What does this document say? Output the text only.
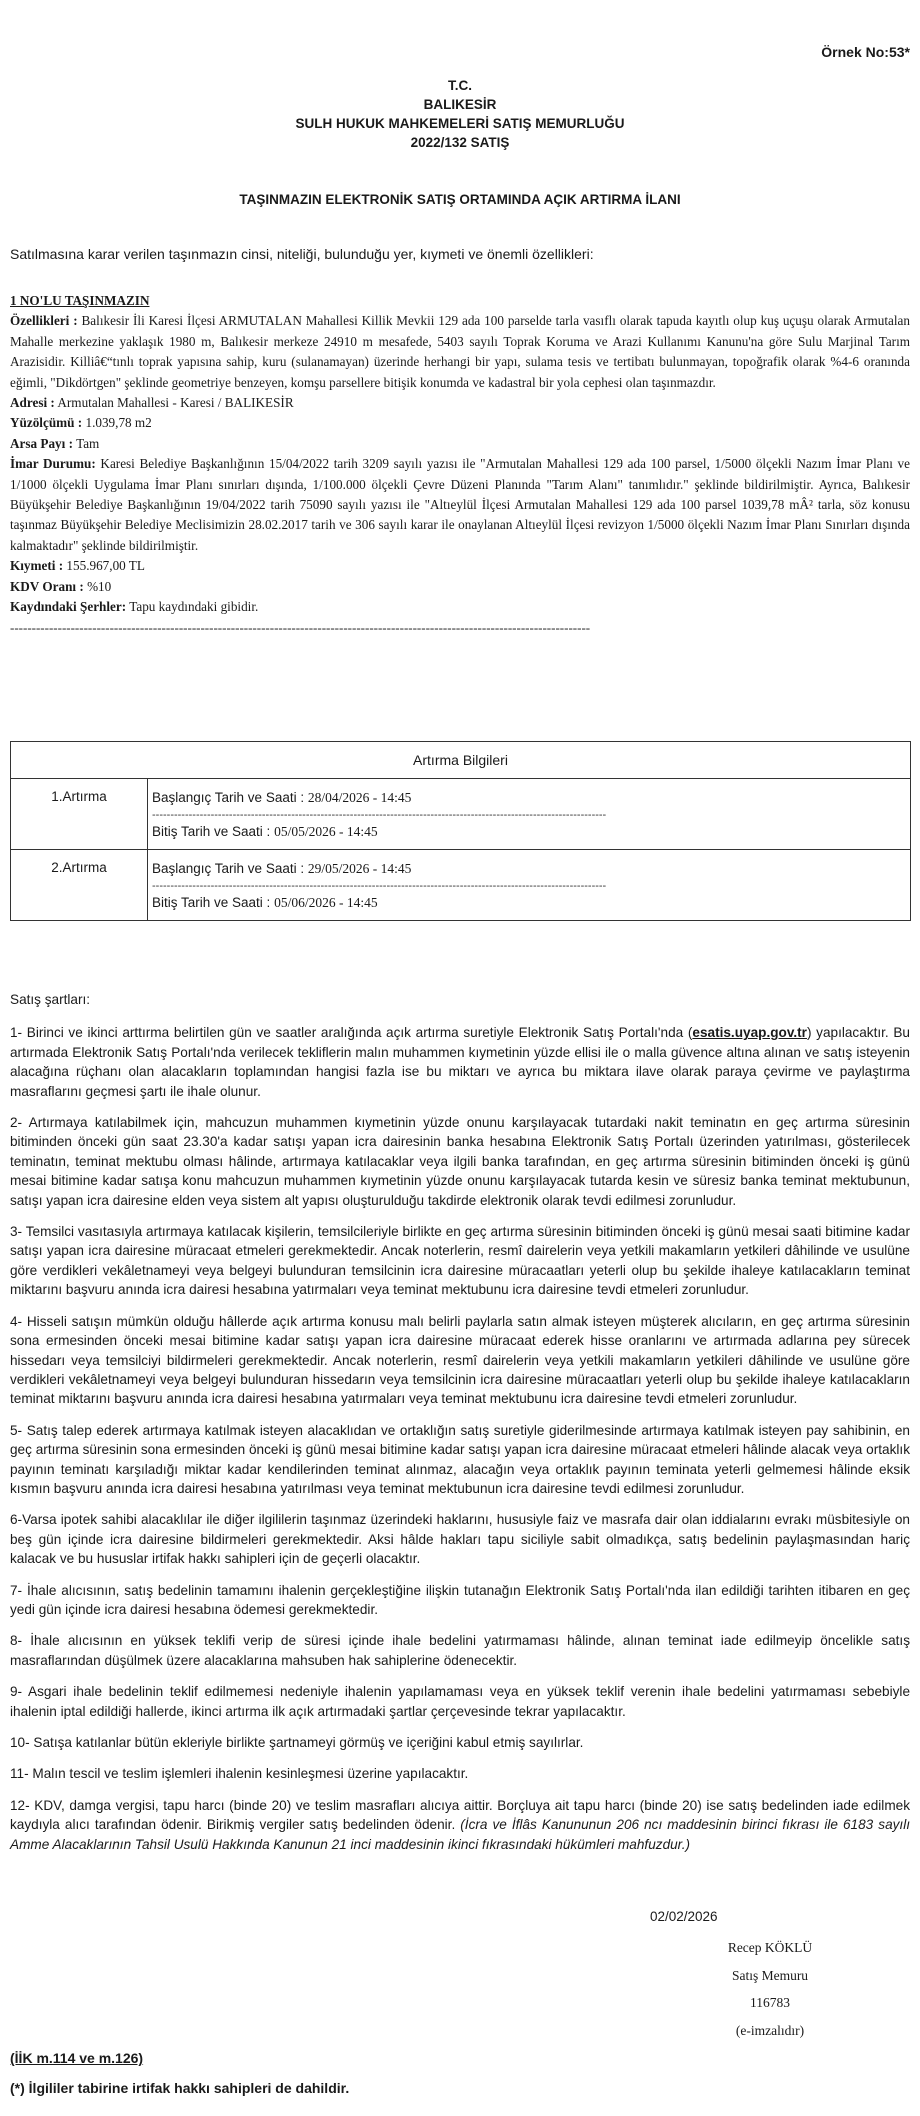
Örnek No:53*
T.C.
BALIKESİR
SULH HUKUK MAHKEMELERİ SATIŞ MEMURLUĞU
2022/132 SATIŞ
TAŞINMAZIN ELEKTRONİK SATIŞ ORTAMINDA AÇIK ARTIRMA İLANI
Satılmasına karar verilen taşınmazın cinsi, niteliği, bulunduğu yer, kıymeti ve önemli özellikleri:
1 NO'LU TAŞINMAZIN
Özellikleri : Balıkesir İli Karesi İlçesi ARMUTALAN Mahallesi Killik Mevkii 129 ada 100 parselde tarla vasıflı olarak tapuda kayıtlı olup kuş uçuşu olarak Armutalan Mahalle merkezine yaklaşık 1980 m, Balıkesir merkeze 24910 m mesafede, 5403 sayılı Toprak Koruma ve Arazi Kullanımı Kanunu'na göre Sulu Marjinal Tarım Arazisidir. Killiâ€“tınlı toprak yapısına sahip, kuru (sulanamayan) üzerinde herhangi bir yapı, sulama tesis ve tertibatı bulunmayan, topoğrafik olarak %4-6 oranında eğimli, "Dikdörtgen" şeklinde geometriye benzeyen, komşu parsellere bitişik konumda ve kadastral bir yola cephesi olan taşınmazdır.
Adresi : Armutalan Mahallesi - Karesi / BALIKESİR
Yüzölçümü : 1.039,78 m2
Arsa Payı : Tam
İmar Durumu: Karesi Belediye Başkanlığının 15/04/2022 tarih 3209 sayılı yazısı ile "Armutalan Mahallesi 129 ada 100 parsel, 1/5000 ölçekli Nazım İmar Planı ve 1/1000 ölçekli Uygulama İmar Planı sınırları dışında, 1/100.000 ölçekli Çevre Düzeni Planında "Tarım Alanı" tanımlıdır." şeklinde bildirilmiştir. Ayrıca, Balıkesir Büyükşehir Belediye Başkanlığının 19/04/2022 tarih 75090 sayılı yazısı ile "Altıeylül İlçesi Armutalan Mahallesi 129 ada 100 parsel 1039,78 mÂ² tarla, söz konusu taşınmaz Büyükşehir Belediye Meclisimizin 28.02.2017 tarih ve 306 sayılı karar ile onaylanan Altıeylül İlçesi revizyon 1/5000 ölçekli Nazım İmar Planı Sınırları dışında kalmaktadır" şeklinde bildirilmiştir.
Kıymeti : 155.967,00 TL
KDV Oranı : %10
Kaydındaki Şerhler: Tapu kaydındaki gibidir.
--------------------------------------------------------------------------------------------------------------------------------------
Artırma Bilgileri	
1.Artırma	Başlangıç Tarih ve Saati : 28/04/2026 - 14:45
----------------------------------------------------------------------------------------------------------------------------
Bitiş Tarih ve Saati : 05/05/2026 - 14:45

2.Artırma	Başlangıç Tarih ve Saati : 29/05/2026 - 14:45
----------------------------------------------------------------------------------------------------------------------------
Bitiş Tarih ve Saati : 05/06/2026 - 14:45

Satış şartları:

1- Birinci ve ikinci arttırma belirtilen gün ve saatler aralığında açık artırma suretiyle Elektronik Satış Portalı'nda (esatis.uyap.gov.tr) yapılacaktır. Bu artırmada Elektronik Satış Portalı'nda verilecek tekliflerin malın muhammen kıymetinin yüzde ellisi ile o malla güvence altına alınan ve satış isteyenin alacağına rüçhanı olan alacakların toplamından hangisi fazla ise bu miktarı ve ayrıca bu miktara ilave olarak paraya çevirme ve paylaştırma masraflarını geçmesi şartı ile ihale olunur.

2- Artırmaya katılabilmek için, mahcuzun muhammen kıymetinin yüzde onunu karşılayacak tutardaki nakit teminatın en geç artırma süresinin bitiminden önceki gün saat 23.30'a kadar satışı yapan icra dairesinin banka hesabına Elektronik Satış Portalı üzerinden yatırılması, gösterilecek teminatın, teminat mektubu olması hâlinde, artırmaya katılacaklar veya ilgili banka tarafından, en geç artırma süresinin bitiminden önceki iş günü mesai bitimine kadar satışa konu mahcuzun muhammen kıymetinin yüzde onunu karşılayacak tutarda kesin ve süresiz banka teminat mektubunun, satışı yapan icra dairesine elden veya sistem alt yapısı oluşturulduğu takdirde elektronik olarak tevdi edilmesi zorunludur.

3- Temsilci vasıtasıyla artırmaya katılacak kişilerin, temsilcileriyle birlikte en geç artırma süresinin bitiminden önceki iş günü mesai saati bitimine kadar satışı yapan icra dairesine müracaat etmeleri gerekmektedir. Ancak noterlerin, resmî dairelerin veya yetkili makamların yetkileri dâhilinde ve usulüne göre verdikleri vekâletnameyi veya belgeyi bulunduran temsilcinin icra dairesine müracaatları yeterli olup bu şekilde ihaleye katılacakların teminat miktarını başvuru anında icra dairesi hesabına yatırmaları veya teminat mektubunu icra dairesine tevdi etmeleri zorunludur.

4- Hisseli satışın mümkün olduğu hâllerde açık artırma konusu malı belirli paylarla satın almak isteyen müşterek alıcıların, en geç artırma süresinin sona ermesinden önceki mesai bitimine kadar satışı yapan icra dairesine müracaat ederek hisse oranlarını ve artırmada adlarına pey sürecek hissedarı veya temsilciyi bildirmeleri gerekmektedir. Ancak noterlerin, resmî dairelerin veya yetkili makamların yetkileri dâhilinde ve usulüne göre verdikleri vekâletnameyi veya belgeyi bulunduran hissedarın veya temsilcinin icra dairesine müracaatları yeterli olup bu şekilde ihaleye katılacakların teminat miktarını başvuru anında icra dairesi hesabına yatırmaları veya teminat mektubunu icra dairesine tevdi etmeleri zorunludur.

5- Satış talep ederek artırmaya katılmak isteyen alacaklıdan ve ortaklığın satış suretiyle giderilmesinde artırmaya katılmak isteyen pay sahibinin, en geç artırma süresinin sona ermesinden önceki iş günü mesai bitimine kadar satışı yapan icra dairesine müracaat etmeleri hâlinde alacak veya ortaklık payının teminatı karşıladığı miktar kadar kendilerinden teminat alınmaz, alacağın veya ortaklık payının teminata yeterli gelmemesi hâlinde eksik kısmın başvuru anında icra dairesi hesabına yatırılması veya teminat mektubunun icra dairesine tevdi edilmesi zorunludur.

6-Varsa ipotek sahibi alacaklılar ile diğer ilgililerin taşınmaz üzerindeki haklarını, hususiyle faiz ve masrafa dair olan iddialarını evrakı müsbitesiyle on beş gün içinde icra dairesine bildirmeleri gerekmektedir. Aksi hâlde hakları tapu siciliyle sabit olmadıkça, satış bedelinin paylaşmasından hariç kalacak ve bu hususlar irtifak hakkı sahipleri için de geçerli olacaktır.

7- İhale alıcısının, satış bedelinin tamamını ihalenin gerçekleştiğine ilişkin tutanağın Elektronik Satış Portalı'nda ilan edildiği tarihten itibaren en geç yedi gün içinde icra dairesi hesabına ödemesi gerekmektedir.

8- İhale alıcısının en yüksek teklifi verip de süresi içinde ihale bedelini yatırmaması hâlinde, alınan teminat iade edilmeyip öncelikle satış masraflarından düşülmek üzere alacaklarına mahsuben hak sahiplerine ödenecektir.

9- Asgari ihale bedelinin teklif edilmemesi nedeniyle ihalenin yapılamaması veya en yüksek teklif verenin ihale bedelini yatırmaması sebebiyle ihalenin iptal edildiği hallerde, ikinci artırma ilk açık artırmadaki şartlar çerçevesinde tekrar yapılacaktır.

10- Satışa katılanlar bütün ekleriyle birlikte şartnameyi görmüş ve içeriğini kabul etmiş sayılırlar.

11- Malın tescil ve teslim işlemleri ihalenin kesinleşmesi üzerine yapılacaktır.

12- KDV, damga vergisi, tapu harcı (binde 20) ve teslim masrafları alıcıya aittir. Borçluya ait tapu harcı (binde 20) ise satış bedelinden iade edilmek kaydıyla alıcı tarafından ödenir. Birikmiş vergiler satış bedelinden ödenir. (İcra ve İflâs Kanununun 206 ncı maddesinin birinci fıkrası ile 6183 sayılı Amme Alacaklarının Tahsil Usulü Hakkında Kanunun 21 inci maddesinin ikinci fıkrasındaki hükümleri mahfuzdur.)

02/02/2026
Recep KÖKLÜ
Satış Memuru
116783
(e-imzalıdır)
(İİK m.114 ve m.126)
(*) İlgililer tabirine irtifak hakkı sahipleri de dahildir.
